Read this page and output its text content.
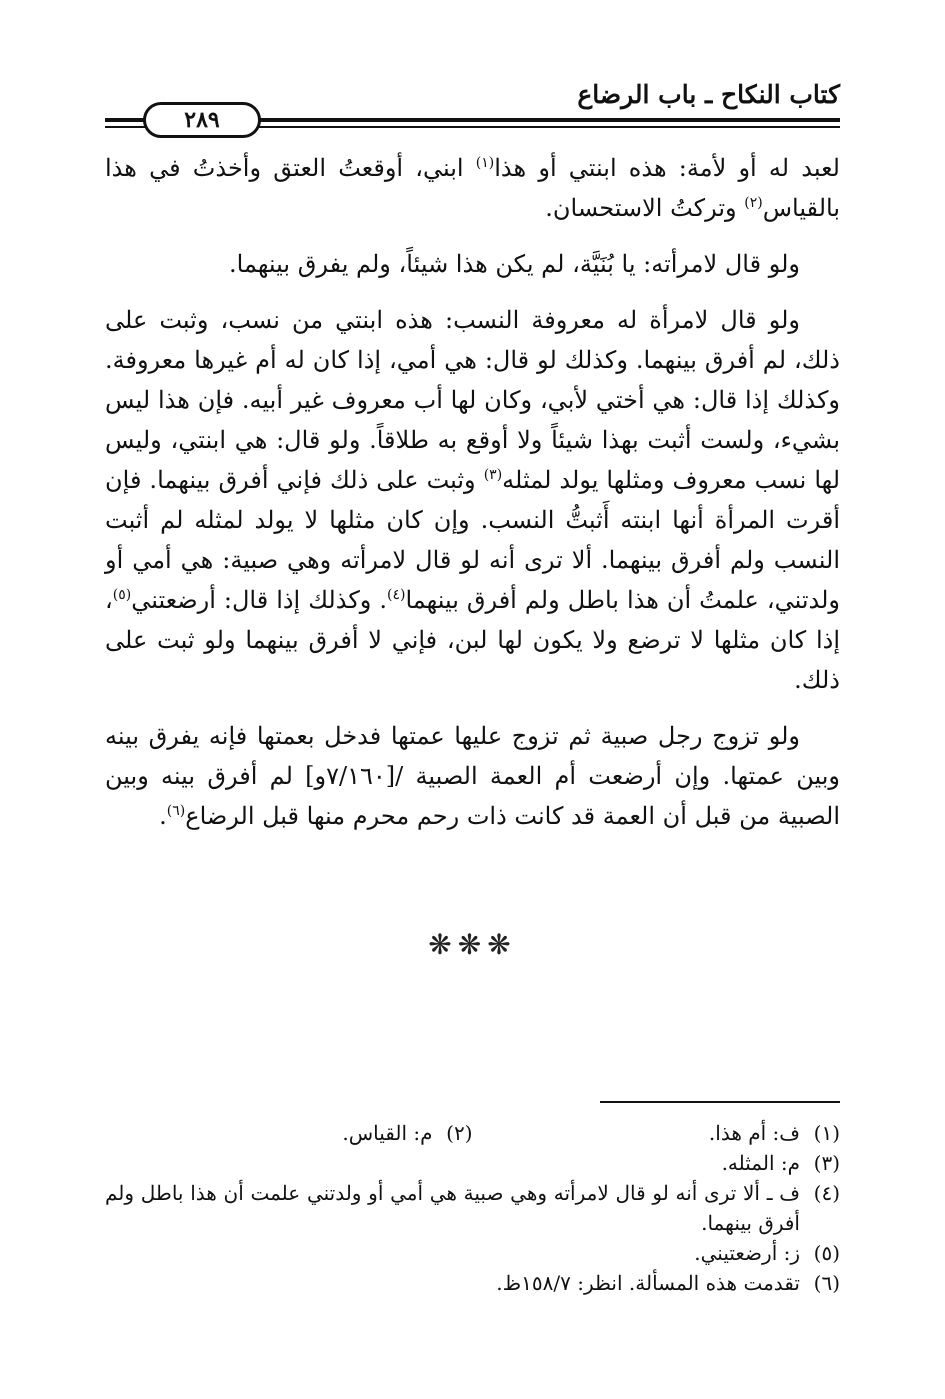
كتاب النكاح ـ باب الرضاع
٢٨٩

لعبد له أو لأمة: هذه ابنتي أو هذا$^{(١)}$ ابني، أوقعتُ العتق وأخذتُ في هذا بالقياس$^{(٢)}$ وتركتُ الاستحسان.

ولو قال لامرأته: يا بُنَيَّة، لم يكن هذا شيئاً، ولم يفرق بينهما.

ولو قال لامرأة له معروفة النسب: هذه ابنتي من نسب، وثبت على ذلك، لم أفرق بينهما. وكذلك لو قال: هي أمي، إذا كان له أم غيرها معروفة. وكذلك إذا قال: هي أختي لأبي، وكان لها أب معروف غير أبيه. فإن هذا ليس بشيء، ولست أثبت بهذا شيئاً ولا أوقع به طلاقاً. ولو قال: هي ابنتي، وليس لها نسب معروف ومثلها يولد لمثله$^{(٣)}$ وثبت على ذلك فإني أفرق بينهما. فإن أقرت المرأة أنها ابنته أَثبتُّ النسب. وإن كان مثلها لا يولد لمثله لم أثبت النسب ولم أفرق بينهما. ألا ترى أنه لو قال لامرأته وهي صبية: هي أمي أو ولدتني، علمتُ أن هذا باطل ولم أفرق بينهما$^{(٤)}$. وكذلك إذا قال: أرضعتني$^{(٥)}$، إذا كان مثلها لا ترضع ولا يكون لها لبن، فإني لا أفرق بينهما ولو ثبت على ذلك.

ولو تزوج رجل صبية ثم تزوج عليها عمتها فدخل بعمتها فإنه يفرق بينه وبين عمتها. وإن أرضعت أم العمة الصبية /[٧/١٦٠و] لم أفرق بينه وبين الصبية من قبل أن العمة قد كانت ذات رحم محرم منها قبل الرضاع$^{(٦)}$.

❋❋❋
(١)
ف: أم هذا.
(٢)
م: القياس.
(٣)
م: المثله.
(٤)
ف ـ ألا ترى أنه لو قال لامرأته وهي صبية هي أمي أو ولدتني علمت أن هذا باطل ولم أفرق بينهما.
(٥)
ز: أرضعتيني.
(٦)
تقدمت هذه المسألة. انظر: ١٥٨/٧ظ.
